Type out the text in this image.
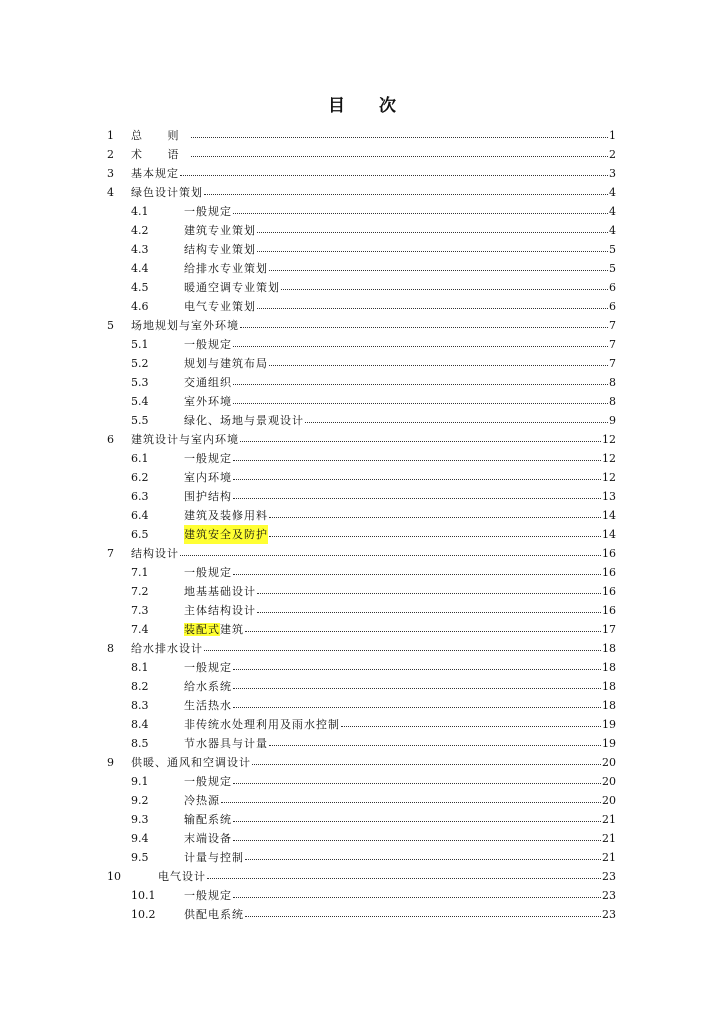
目 次
1 总 则	1
2 术 语	2
3 基本规定	3
4 绿色设计策划	4
4.1	一般规定	4
4.2	建筑专业策划	4
4.3	结构专业策划	5
4.4	给排水专业策划	5
4.5	暖通空调专业策划	6
4.6	电气专业策划	6
5 场地规划与室外环境	7
5.1	一般规定	7
5.2	规划与建筑布局	7
5.3	交通组织	8
5.4	室外环境	8
5.5	绿化、场地与景观设计	9
6 建筑设计与室内环境	12
6.1	一般规定	12
6.2	室内环境	12
6.3	围护结构	13
6.4	建筑及装修用料	14
6.5	建筑安全及防护	14
7 结构设计	16
7.1	一般规定	16
7.2	地基基础设计	16
7.3	主体结构设计	16
7.4	装配式建筑	17
8 给水排水设计	18
8.1	一般规定	18
8.2	给水系统	18
8.3	生活热水	18
8.4	非传统水处理利用及雨水控制	19
8.5	节水器具与计量	19
9 供暖、通风和空调设计	20
9.1	一般规定	20
9.2	冷热源	20
9.3	输配系统	21
9.4	末端设备	21
9.5	计量与控制	21
10	电气设计	23
10.1	一般规定	23
10.2	供配电系统	23
